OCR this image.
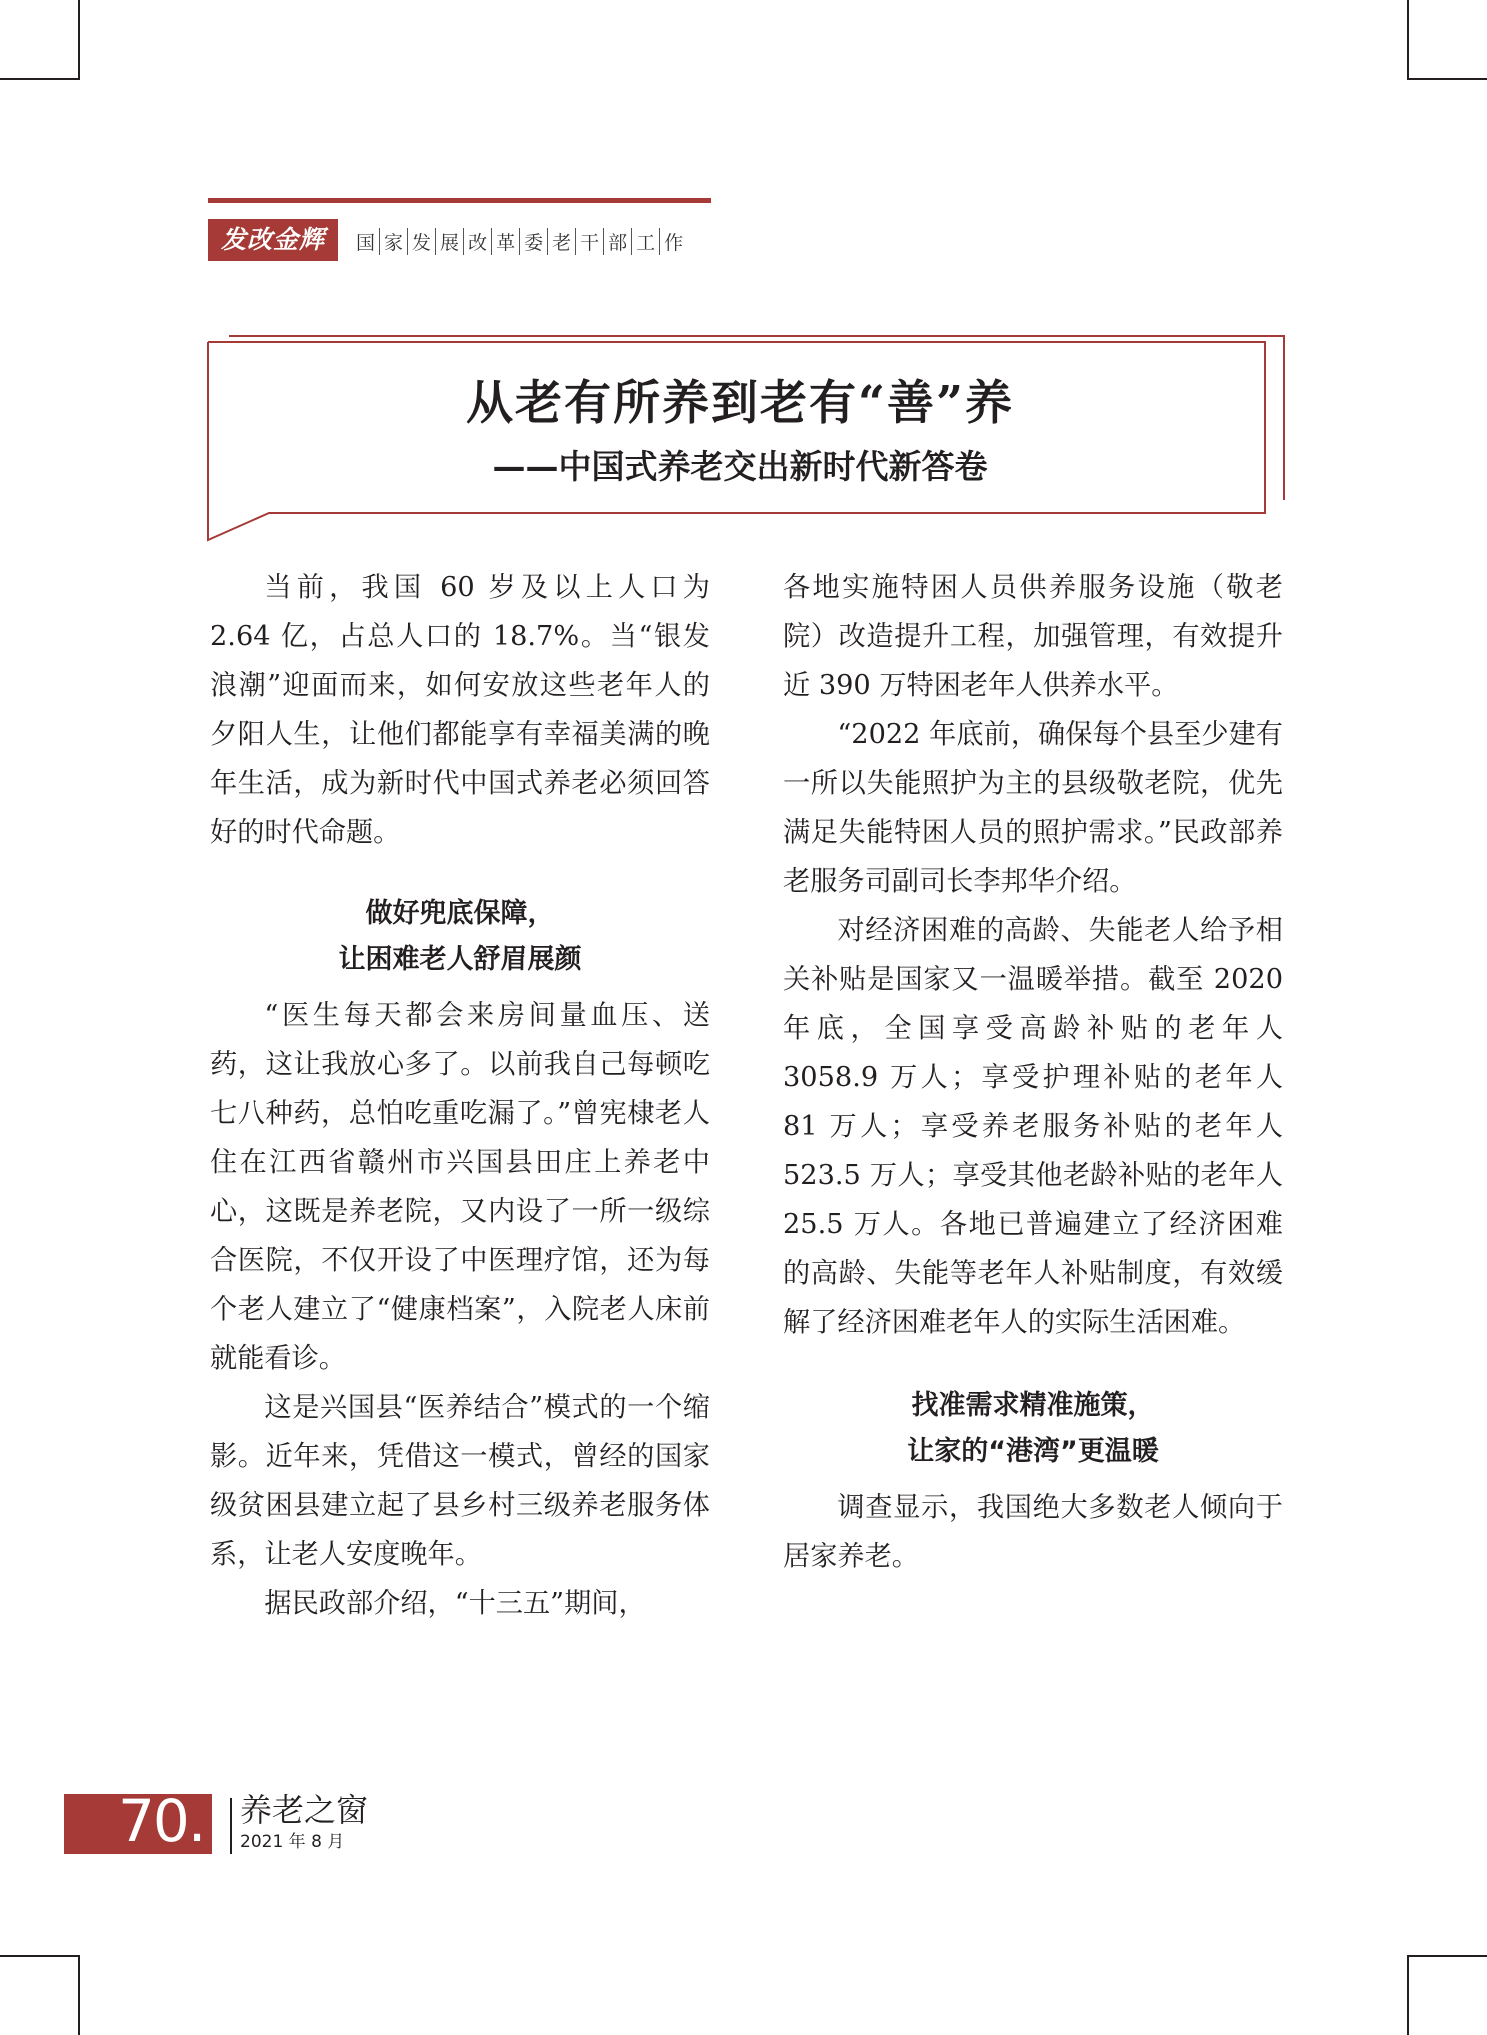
发改金辉	国 家 发 展 改 革 委 老 干 部 工 作
从老有所养到老有“善”养
——中国式养老交出新时代新答卷

当前，我国 60 岁及以上人口为 2.64 亿，占总人口的 18.7%。当“银发浪潮”迎面而来，如何安放这些老年人的夕阳人生，让他们都能享有幸福美满的晚年生活，成为新时代中国式养老必须回答好的时代命题。

做好兜底保障，
让困难老人舒眉展颜

“医生每天都会来房间量血压、送药，这让我放心多了。以前我自己每顿吃七八种药，总怕吃重吃漏了。”曾宪棣老人住在江西省赣州市兴国县田庄上养老中心，这既是养老院，又内设了一所一级综合医院，不仅开设了中医理疗馆，还为每个老人建立了“健康档案”，入院老人床前就能看诊。

这是兴国县“医养结合”模式的一个缩影。近年来，凭借这一模式，曾经的国家级贫困县建立起了县乡村三级养老服务体系，让老人安度晚年。

据民政部介绍，“十三五”期间，

各地实施特困人员供养服务设施（敬老院）改造提升工程，加强管理，有效提升近 390 万特困老年人供养水平。

“2022 年底前，确保每个县至少建有一所以失能照护为主的县级敬老院，优先满足失能特困人员的照护需求。”民政部养老服务司副司长李邦华介绍。

对经济困难的高龄、失能老人给予相关补贴是国家又一温暖举措。截至 2020 年底，全国享受高龄补贴的老年人 3058.9 万人；享受护理补贴的老年人 81 万人；享受养老服务补贴的老年人 523.5 万人；享受其他老龄补贴的老年人 25.5 万人。各地已普遍建立了经济困难的高龄、失能等老年人补贴制度，有效缓解了经济困难老年人的实际生活困难。

找准需求精准施策，
让家的“港湾”更温暖

调查显示，我国绝大多数老人倾向于居家养老。

70. 养老之窗
2021 年 8 月
